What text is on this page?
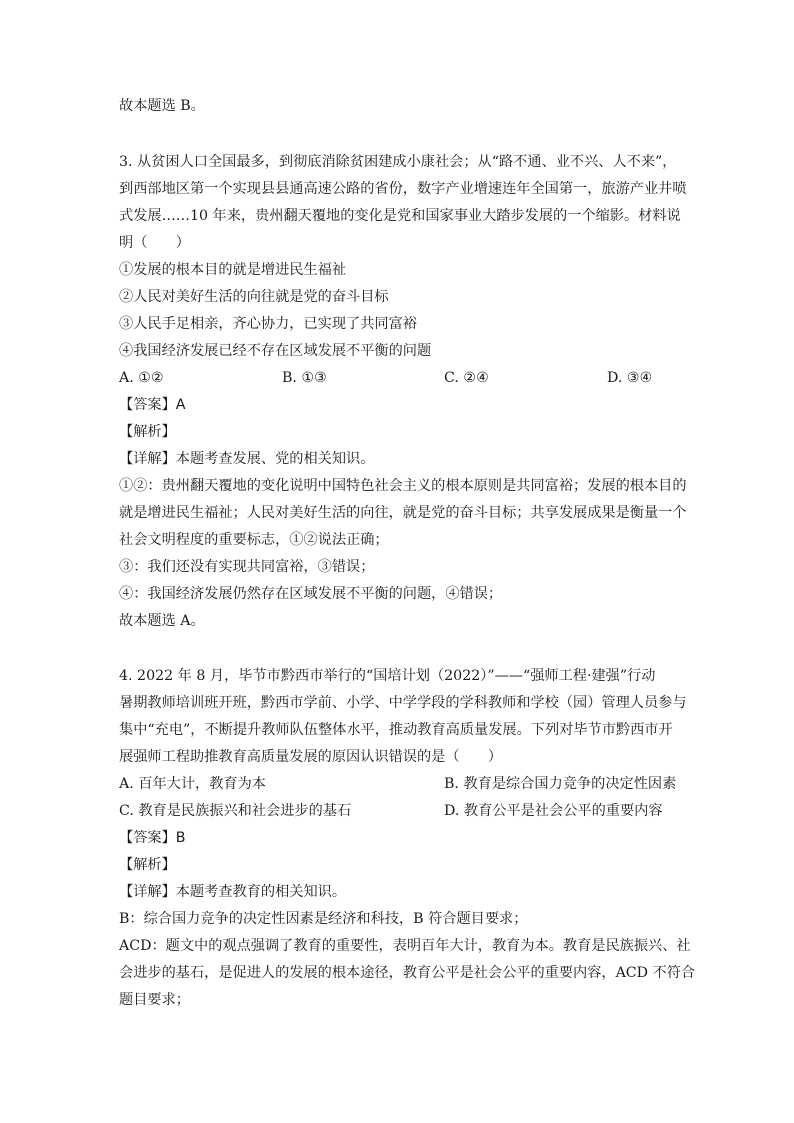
故本题选 B。
3. 从贫困人口全国最多，到彻底消除贫困建成小康社会；从“路不通、业不兴、人不来”，
到西部地区第一个实现县县通高速公路的省份，数字产业增速连年全国第一，旅游产业井喷
式发展……10 年来，贵州翻天覆地的变化是党和国家事业大踏步发展的一个缩影。材料说
明（　　）
①发展的根本目的就是增进民生福祉
②人民对美好生活的向往就是党的奋斗目标
③人民手足相亲，齐心协力，已实现了共同富裕
④我国经济发展已经不存在区域发展不平衡的问题
A. ①②	B. ①③	C. ②④	D. ③④
【答案】A
【解析】
【详解】本题考查发展、党的相关知识。
①②：贵州翻天覆地的变化说明中国特色社会主义的根本原则是共同富裕；发展的根本目的
就是增进民生福祉；人民对美好生活的向往，就是党的奋斗目标；共享发展成果是衡量一个
社会文明程度的重要标志，①②说法正确；
③：我们还没有实现共同富裕，③错误；
④：我国经济发展仍然存在区域发展不平衡的问题，④错误；
故本题选 A。
4. 2022 年 8 月，毕节市黔西市举行的“国培计划（2022）”——“强师工程·建强”行动
暑期教师培训班开班，黔西市学前、小学、中学学段的学科教师和学校（园）管理人员参与
集中“充电”，不断提升教师队伍整体水平，推动教育高质量发展。下列对毕节市黔西市开
展强师工程助推教育高质量发展的原因认识错误的是（　　）
A. 百年大计，教育为本	B. 教育是综合国力竞争的决定性因素
C. 教育是民族振兴和社会进步的基石	D. 教育公平是社会公平的重要内容
【答案】B
【解析】
【详解】本题考查教育的相关知识。
B：综合国力竞争的决定性因素是经济和科技，B 符合题目要求；
ACD：题文中的观点强调了教育的重要性，表明百年大计，教育为本。教育是民族振兴、社
会进步的基石，是促进人的发展的根本途径，教育公平是社会公平的重要内容，ACD 不符合
题目要求；
